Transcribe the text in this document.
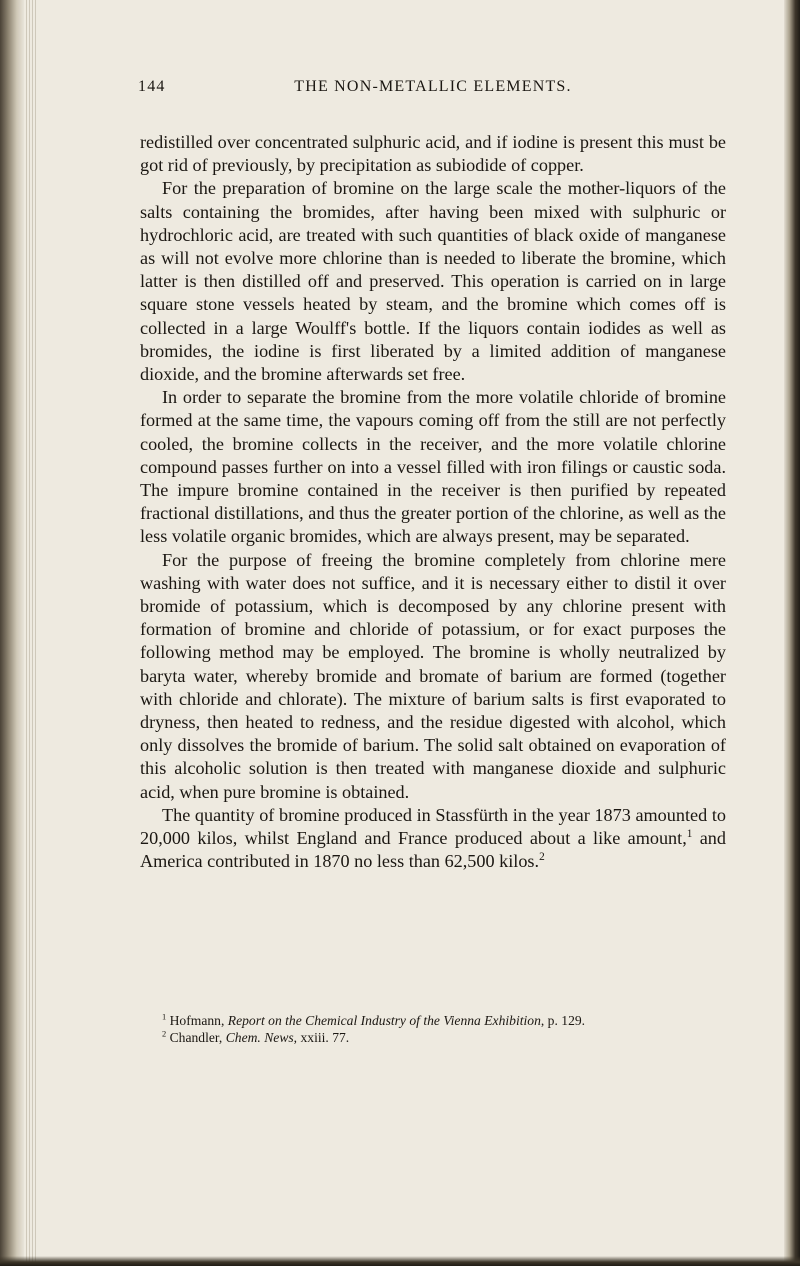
144	THE NON-METALLIC ELEMENTS.

redistilled over concentrated sulphuric acid, and if iodine is present this must be got rid of previously, by precipitation as subiodide of copper.

For the preparation of bromine on the large scale the mother-liquors of the salts containing the bromides, after having been mixed with sulphuric or hydrochloric acid, are treated with such quantities of black oxide of manganese as will not evolve more chlorine than is needed to liberate the bromine, which latter is then distilled off and preserved. This operation is carried on in large square stone vessels heated by steam, and the bromine which comes off is collected in a large Woulff's bottle. If the liquors contain iodides as well as bromides, the iodine is first liberated by a limited addition of manganese dioxide, and the bromine afterwards set free.

In order to separate the bromine from the more volatile chloride of bromine formed at the same time, the vapours coming off from the still are not perfectly cooled, the bromine collects in the receiver, and the more volatile chlorine compound passes further on into a vessel filled with iron filings or caustic soda. The impure bromine contained in the receiver is then purified by repeated fractional distillations, and thus the greater portion of the chlorine, as well as the less volatile organic bromides, which are always present, may be separated.

For the purpose of freeing the bromine completely from chlorine mere washing with water does not suffice, and it is necessary either to distil it over bromide of potassium, which is decomposed by any chlorine present with formation of bromine and chloride of potassium, or for exact purposes the following method may be employed. The bromine is wholly neutralized by baryta water, whereby bromide and bromate of barium are formed (together with chloride and chlorate). The mixture of barium salts is first evaporated to dryness, then heated to redness, and the residue digested with alcohol, which only dissolves the bromide of barium. The solid salt obtained on evaporation of this alcoholic solution is then treated with manganese dioxide and sulphuric acid, when pure bromine is obtained.

The quantity of bromine produced in Stassfürth in the year 1873 amounted to 20,000 kilos, whilst England and France produced about a like amount,$^1$ and America contributed in 1870 no less than 62,500 kilos.$^2$

$^1$ Hofmann, Report on the Chemical Industry of the Vienna Exhibition, p. 129.

$^2$ Chandler, Chem. News, xxiii. 77.
